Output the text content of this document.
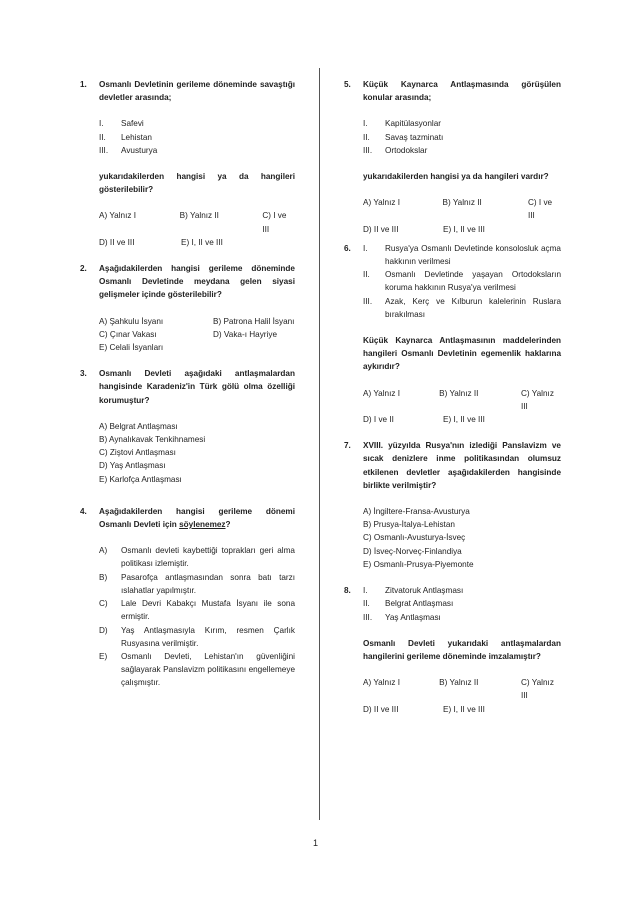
1. Osmanlı Devletinin gerileme döneminde savaştığı devletler arasında;
I.	Safevi
II.	Lehistan
III.	Avusturya
yukarıdakilerden hangisi ya da hangileri gösterilebilir?
A) Yalnız I	B) Yalnız II	C) I ve III
D) II ve III	E) I, II ve III
2. Aşağıdakilerden hangisi gerileme döneminde Osmanlı Devletinde meydana gelen siyasi gelişmeler içinde gösterilebilir?
A) Şahkulu İsyanı	B) Patrona Halil İsyanı
C) Çınar Vakası	D) Vaka-ı Hayriye
E) Celali İsyanları
3. Osmanlı Devleti aşağıdaki antlaşmalardan hangisinde Karadeniz'in Türk gölü olma özelliği korumuştur?
A) Belgrat Antlaşması
B) Aynalıkavak Tenkihnamesi
C) Ziştovi Antlaşması
D) Yaş Antlaşması
E) Karlofça Antlaşması
4. Aşağıdakilerden hangisi gerileme dönemi Osmanlı Devleti için söylenemez?
A)	Osmanlı devleti kaybettiği toprakları geri alma politikası izlemiştir.
B)	Pasarofça antlaşmasından sonra batı tarzı ıslahatlar yapılmıştır.
C)	Lale Devri Kabakçı Mustafa İsyanı ile sona ermiştir.
D)	Yaş Antlaşmasıyla Kırım, resmen Çarlık Rusyasına verilmiştir.
E)	Osmanlı Devleti, Lehistan'ın güvenliğini sağlayarak Panslavizm politikasını engellemeye çalışmıştır.
5. Küçük Kaynarca Antlaşmasında görüşülen konular arasında;
I.	Kapitülasyonlar
II.	Savaş tazminatı
III.	Ortodokslar
yukarıdakilerden hangisi ya da hangileri vardır?
A) Yalnız I	B) Yalnız II	C) I ve III
D) II ve III	E) I, II ve III
6. I.	Rusya'ya Osmanlı Devletinde konsolosluk açma hakkının verilmesi
II.	Osmanlı Devletinde yaşayan Ortodoksların koruma hakkının Rusya'ya verilmesi
III.	Azak, Kerç ve Kılburun kalelerinin Ruslara bırakılması
Küçük Kaynarca Antlaşmasının maddelerinden hangileri Osmanlı Devletinin egemenlik haklarına aykırıdır?
A) Yalnız I	B) Yalnız II	C) Yalnız III
D) I ve II	E) I, II ve III
7. XVIII. yüzyılda Rusya'nın izlediği Panslavizm ve sıcak denizlere inme politikasından olumsuz etkilenen devletler aşağıdakilerden hangisinde birlikte verilmiştir?
A) İngiltere-Fransa-Avusturya
B) Prusya-İtalya-Lehistan
C) Osmanlı-Avusturya-İsveç
D) İsveç-Norveç-Finlandiya
E) Osmanlı-Prusya-Piyemonte
8. I.	Zitvatoruk Antlaşması
II.	Belgrat Antlaşması
III.	Yaş Antlaşması
Osmanlı Devleti yukarıdaki antlaşmalardan hangilerini gerileme döneminde imzalamıştır?
A) Yalnız I	B) Yalnız II	C) Yalnız III
D) II ve III	E) I, II ve III
1
